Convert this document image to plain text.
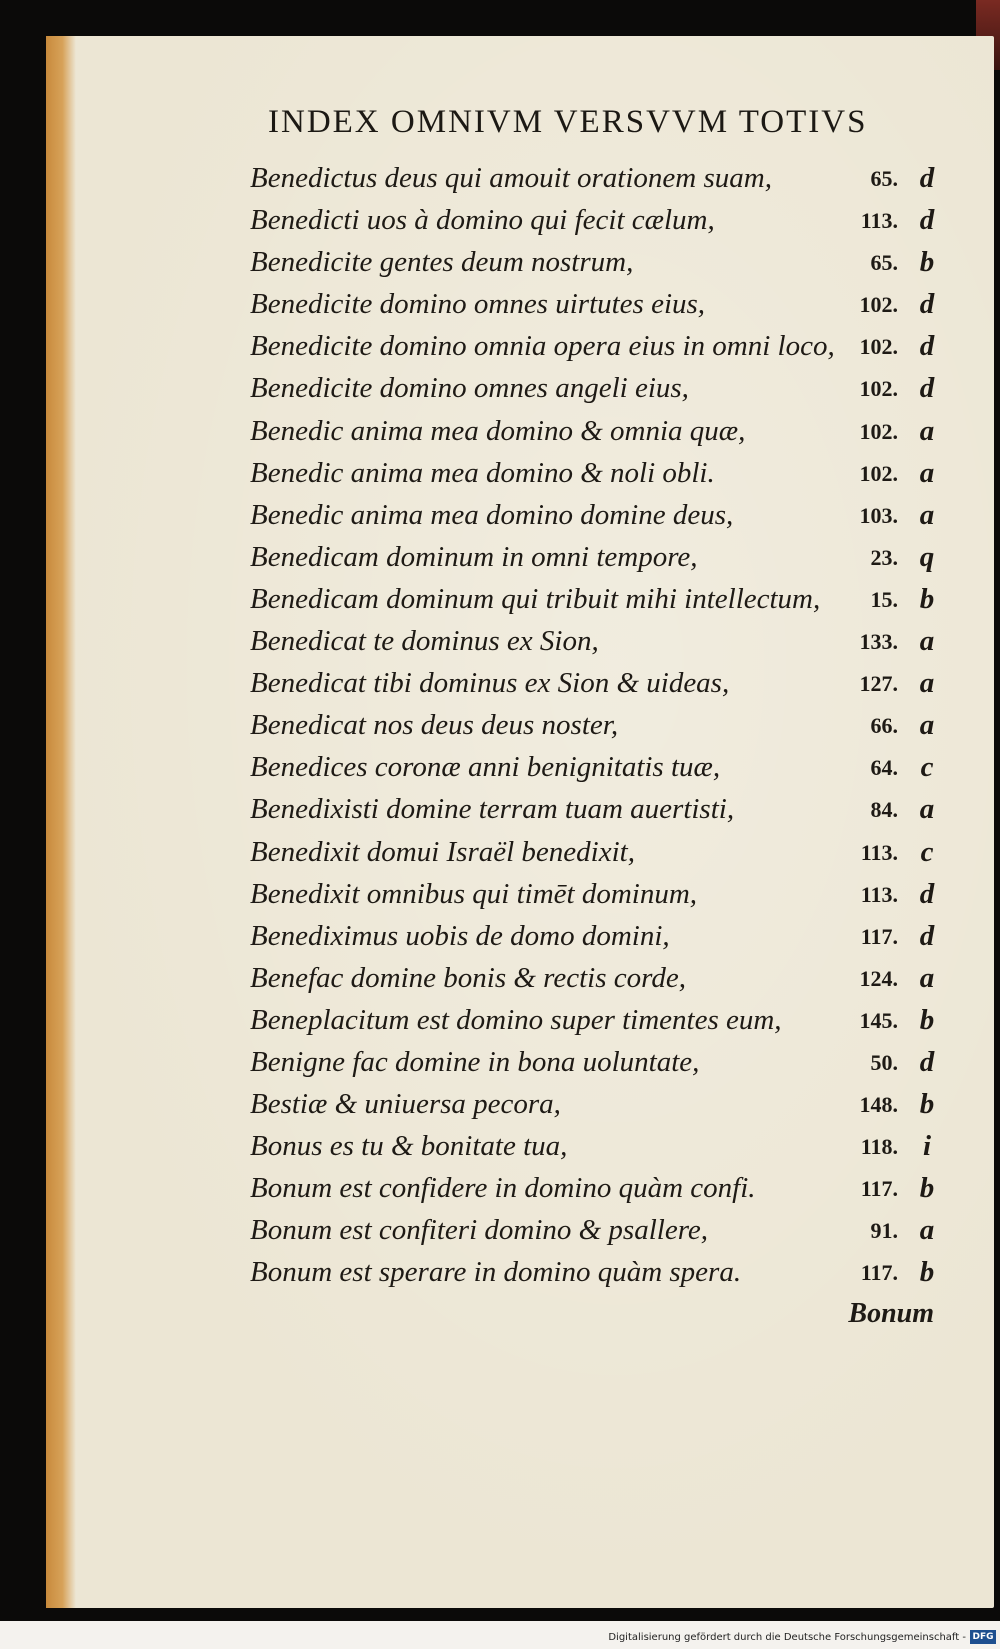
INDEX OMNIVM VERSVVM TOTIVS
Benedictus deus qui amouit orationem suam,	65. d
Benedicti uos à domino qui fecit cælum,	113. d
Benedicite gentes deum nostrum,	65. b
Benedicite domino omnes uirtutes eius,	102. d
Benedicite domino omnia opera eius in omni loco, 102. d
Benedicite domino omnes angeli eius,	102. d
Benedic anima mea domino & omnia quæ,	102. a
Benedic anima mea domino & noli obli.	102. a
Benedic anima mea domino domine deus,	103. a
Benedicam dominum in omni tempore,	23. q
Benedicam dominum qui tribuit mihi intellectum, 15. b
Benedicat te dominus ex Sion,	133. a
Benedicat tibi dominus ex Sion & uideas,	127. a
Benedicat nos deus deus noster,	66. a
Benedices coronæ anni benignitatis tuæ,	64. c
Benedixisti domine terram tuam auertisti,	84. a
Benedixit domui Israël benedixit,	113. c
Benedixit omnibus qui timēt dominum,	113. d
Benediximus uobis de domo domini,	117. d
Benefac domine bonis & rectis corde,	124. a
Beneplacitum est domino super timentes eum,	145. b
Benigne fac domine in bona uoluntate,	50. d
Bestiæ & uniuersa pecora,	148. b
Bonus es tu & bonitate tua,	118. i
Bonum est confidere in domino quàm confi.	117. b
Bonum est confiteri domino & psallere,	91. a
Bonum est sperare in domino quàm spera.	117. b
Bonum
Digitalisierung gefördert durch die Deutsche Forschungsgemeinschaft - DFG
